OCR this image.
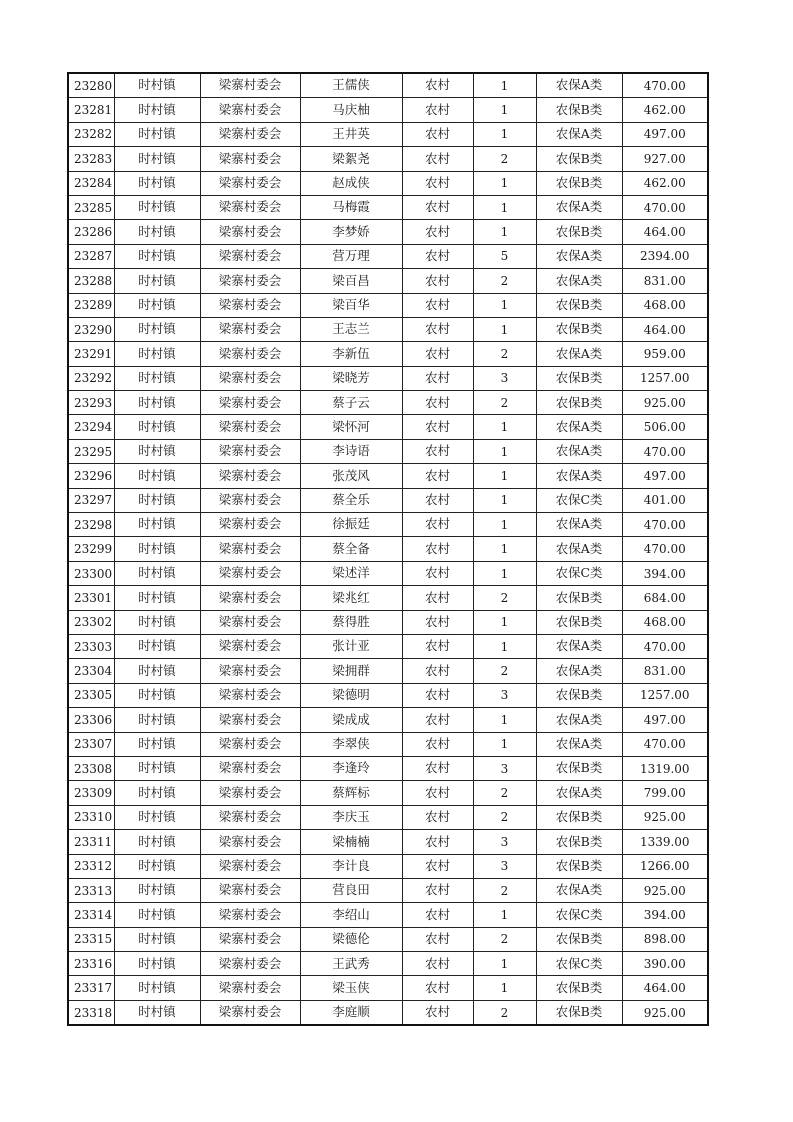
23280	时村镇	梁寨村委会	王儒侠	农村	1	农保A类	470.00
23281	时村镇	梁寨村委会	马庆柚	农村	1	农保B类	462.00
23282	时村镇	梁寨村委会	王井英	农村	1	农保A类	497.00
23283	时村镇	梁寨村委会	梁絮尧	农村	2	农保B类	927.00
23284	时村镇	梁寨村委会	赵成侠	农村	1	农保B类	462.00
23285	时村镇	梁寨村委会	马梅霞	农村	1	农保A类	470.00
23286	时村镇	梁寨村委会	李梦娇	农村	1	农保B类	464.00
23287	时村镇	梁寨村委会	营万理	农村	5	农保A类	2394.00
23288	时村镇	梁寨村委会	梁百昌	农村	2	农保A类	831.00
23289	时村镇	梁寨村委会	梁百华	农村	1	农保B类	468.00
23290	时村镇	梁寨村委会	王志兰	农村	1	农保B类	464.00
23291	时村镇	梁寨村委会	李新伍	农村	2	农保A类	959.00
23292	时村镇	梁寨村委会	梁晓芳	农村	3	农保B类	1257.00
23293	时村镇	梁寨村委会	蔡子云	农村	2	农保B类	925.00
23294	时村镇	梁寨村委会	梁怀河	农村	1	农保A类	506.00
23295	时村镇	梁寨村委会	李诗语	农村	1	农保A类	470.00
23296	时村镇	梁寨村委会	张茂风	农村	1	农保A类	497.00
23297	时村镇	梁寨村委会	蔡全乐	农村	1	农保C类	401.00
23298	时村镇	梁寨村委会	徐振廷	农村	1	农保A类	470.00
23299	时村镇	梁寨村委会	蔡全备	农村	1	农保A类	470.00
23300	时村镇	梁寨村委会	梁述洋	农村	1	农保C类	394.00
23301	时村镇	梁寨村委会	梁兆红	农村	2	农保B类	684.00
23302	时村镇	梁寨村委会	蔡得胜	农村	1	农保B类	468.00
23303	时村镇	梁寨村委会	张计亚	农村	1	农保A类	470.00
23304	时村镇	梁寨村委会	梁拥群	农村	2	农保A类	831.00
23305	时村镇	梁寨村委会	梁德明	农村	3	农保B类	1257.00
23306	时村镇	梁寨村委会	梁成成	农村	1	农保A类	497.00
23307	时村镇	梁寨村委会	李翠侠	农村	1	农保A类	470.00
23308	时村镇	梁寨村委会	李逢玲	农村	3	农保B类	1319.00
23309	时村镇	梁寨村委会	蔡辉标	农村	2	农保A类	799.00
23310	时村镇	梁寨村委会	李庆玉	农村	2	农保B类	925.00
23311	时村镇	梁寨村委会	梁楠楠	农村	3	农保B类	1339.00
23312	时村镇	梁寨村委会	李计良	农村	3	农保B类	1266.00
23313	时村镇	梁寨村委会	营良田	农村	2	农保A类	925.00
23314	时村镇	梁寨村委会	李绍山	农村	1	农保C类	394.00
23315	时村镇	梁寨村委会	梁德伦	农村	2	农保B类	898.00
23316	时村镇	梁寨村委会	王武秀	农村	1	农保C类	390.00
23317	时村镇	梁寨村委会	梁玉侠	农村	1	农保B类	464.00
23318	时村镇	梁寨村委会	李庭顺	农村	2	农保B类	925.00
